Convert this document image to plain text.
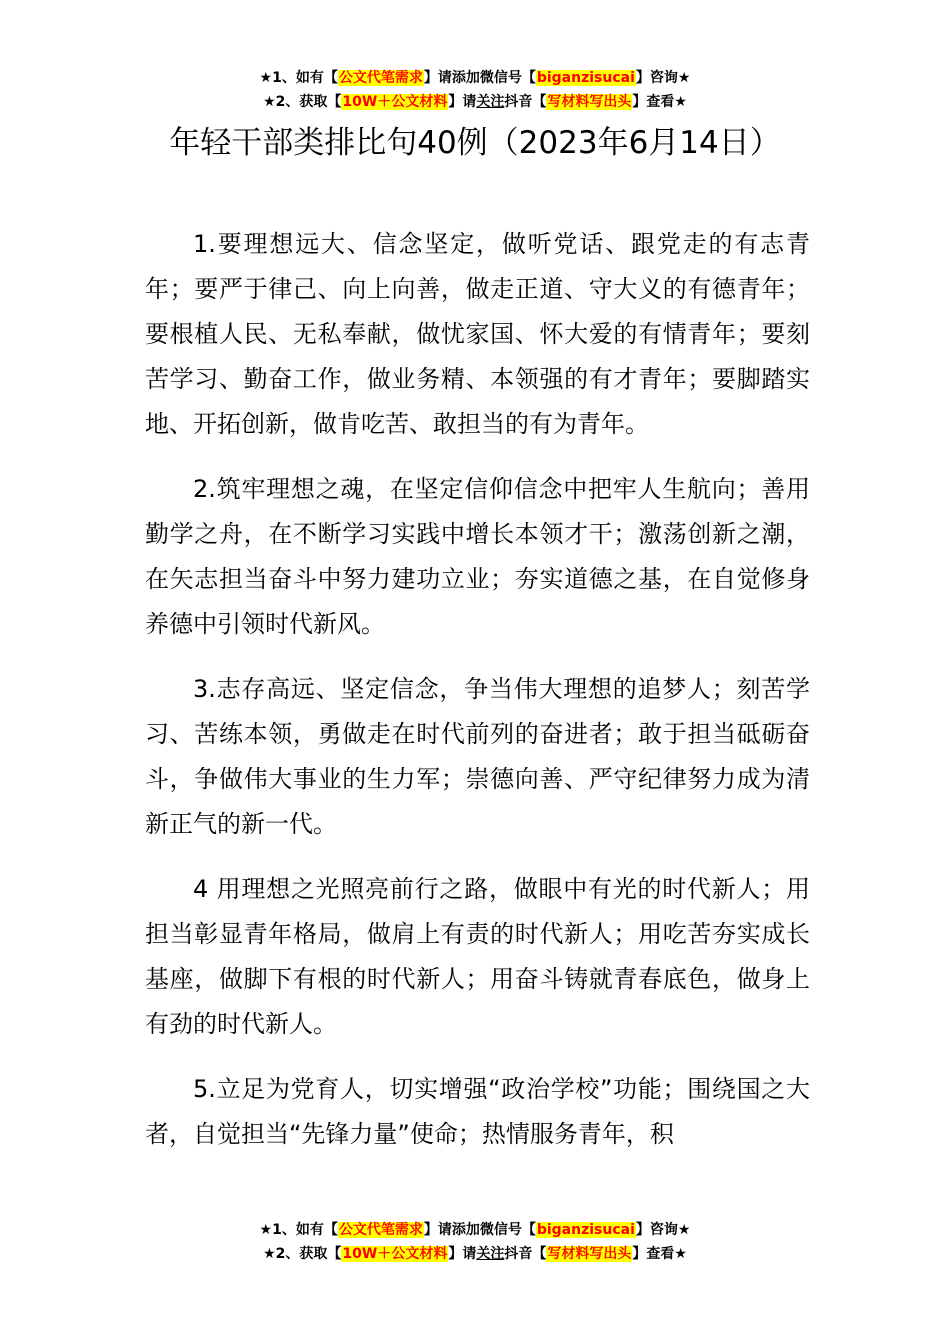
★1、如有【公文代笔需求】请添加微信号【biganzisucai】咨询★
★2、获取【10W＋公文材料】请关注抖音【写材料写出头】查看★
年轻干部类排比句40例（2023年6月14日）

1.要理想远大、信念坚定，做听党话、跟党走的有志青年；要严于律己、向上向善，做走正道、守大义的有德青年；要根植人民、无私奉献，做忧家国、怀大爱的有情青年；要刻苦学习、勤奋工作，做业务精、本领强的有才青年；要脚踏实地、开拓创新，做肯吃苦、敢担当的有为青年。

2.筑牢理想之魂，在坚定信仰信念中把牢人生航向；善用勤学之舟，在不断学习实践中增长本领才干；激荡创新之潮，在矢志担当奋斗中努力建功立业；夯实道德之基，在自觉修身养德中引领时代新风。

3.志存高远、坚定信念，争当伟大理想的追梦人；刻苦学习、苦练本领，勇做走在时代前列的奋进者；敢于担当砥砺奋斗，争做伟大事业的生力军；崇德向善、严守纪律努力成为清新正气的新一代。

4 用理想之光照亮前行之路，做眼中有光的时代新人；用担当彰显青年格局，做肩上有责的时代新人；用吃苦夯实成长基座，做脚下有根的时代新人；用奋斗铸就青春底色，做身上有劲的时代新人。

5.立足为党育人，切实增强“政治学校”功能；围绕国之大者，自觉担当“先锋力量”使命；热情服务青年，积

★1、如有【公文代笔需求】请添加微信号【biganzisucai】咨询★
★2、获取【10W＋公文材料】请关注抖音【写材料写出头】查看★
